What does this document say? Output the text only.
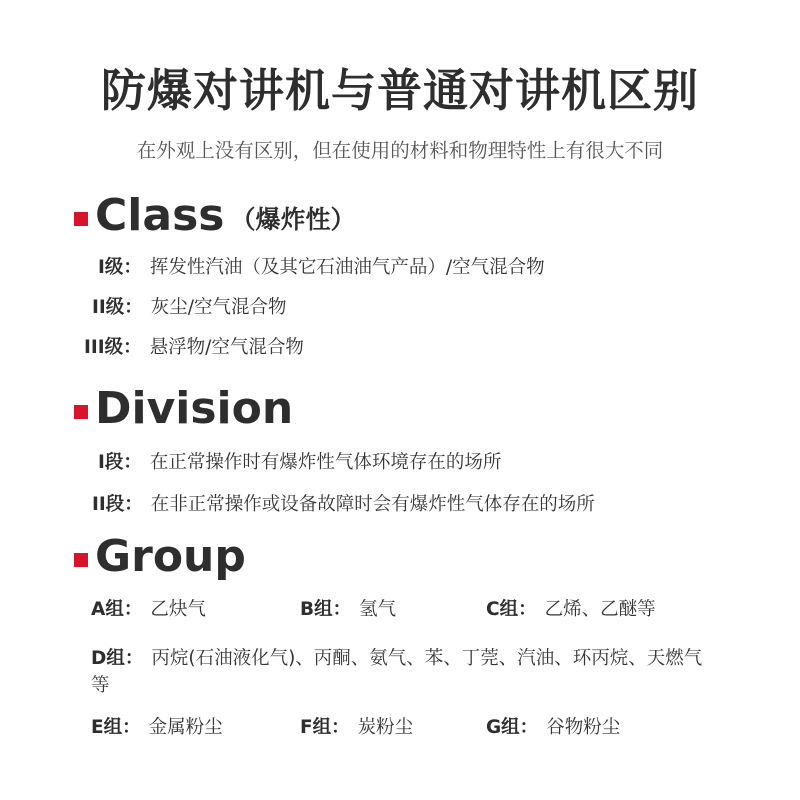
防爆对讲机与普通对讲机区别
在外观上没有区别，但在使用的材料和物理特性上有很大不同
Class （爆炸性）
I级： 挥发性汽油（及其它石油油气产品）/空气混合物
II级： 灰尘/空气混合物
III级： 悬浮物/空气混合物
Division
I段： 在正常操作时有爆炸性气体环境存在的场所
II段： 在非正常操作或设备故障时会有爆炸性气体存在的场所
Group
A组： 乙炔气	B组： 氢气	C组： 乙烯、乙醚等
D组： 丙烷(石油液化气)、丙酮、氨气、苯、丁莞、汽油、环丙烷、天燃气等
E组： 金属粉尘	F组： 炭粉尘	G组： 谷物粉尘
